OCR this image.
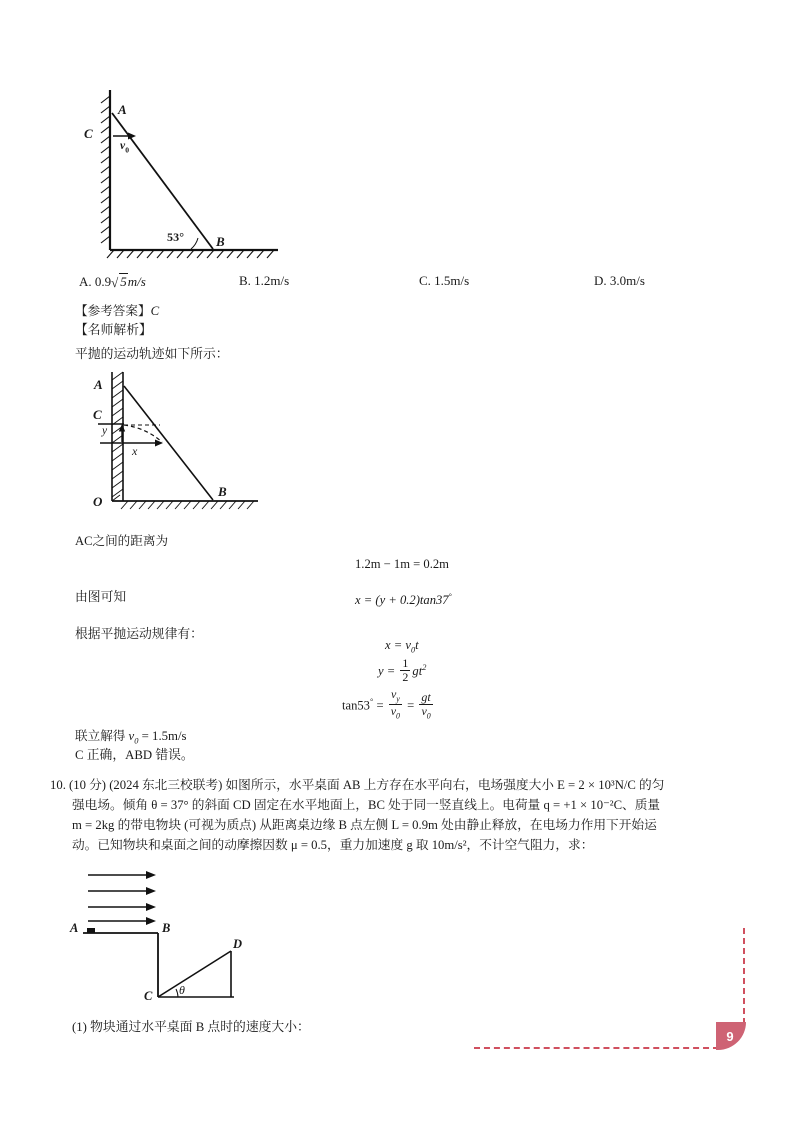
A
C
B
$v_0$
53°
A. 0.9√ 5m/s	B. 1.2m/s	C. 1.5m/s	D. 3.0m/s
【参考答案】C
【名师解析】
平抛的运动轨迹如下所示：
A
C
y
x
B
O
AC之间的距离为
1.2m − 1m = 0.2m
由图可知	x = (y + 0.2)tan37°
根据平抛运动规律有：
$x = v_0t$
$y = \frac{1}{2} gt^2$
$\tan 53^\circ = \frac{v_y}{v_0} = \frac{gt}{v_0}$
联立解得 $v_0 = 1.5m/s$
C 正确，ABD 错误。
10. (10 分) (2024 东北三校联考) 如图所示，水平桌面 AB 上方存在水平向右，电场强度大小 E = 2 × 10³N/C 的匀
强电场。倾角 θ = 37° 的斜面 CD 固定在水平地面上，BC 处于同一竖直线上。电荷量 q = +1 × 10⁻²C、质量
m = 2kg 的带电物块 (可视为质点) 从距离桌边缘 B 点左侧 L = 0.9m 处由静止释放，在电场力作用下开始运
动。已知物块和桌面之间的动摩擦因数 μ = 0.5，重力加速度 g 取 10m/s²，不计空气阻力，求：
A	B
C
D
θ
(1) 物块通过水平桌面 B 点时的速度大小：
9
